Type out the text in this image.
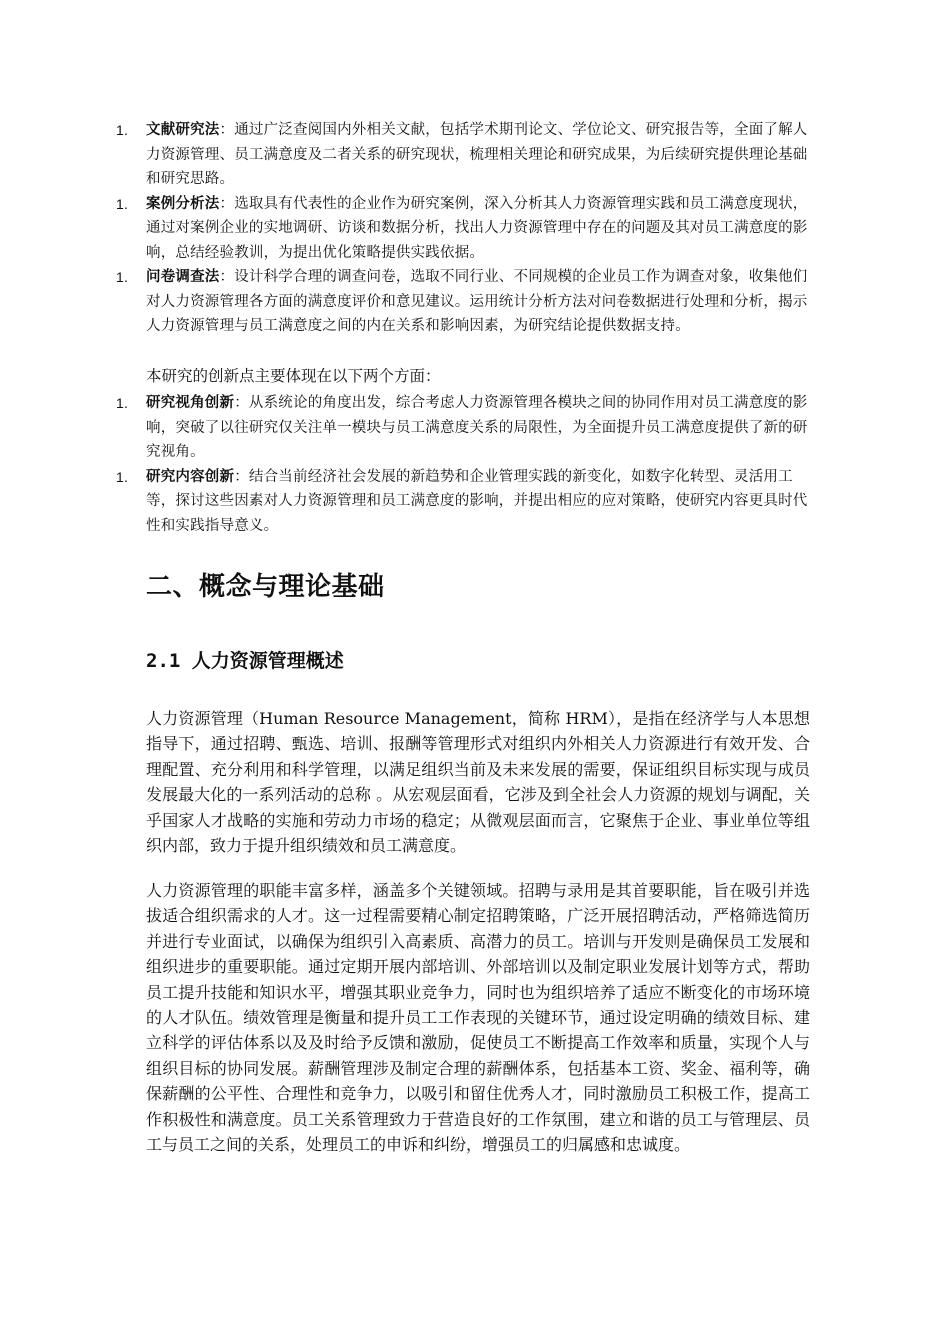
1. 文献研究法：通过广泛查阅国内外相关文献，包括学术期刊论文、学位论文、研究报告等，全面了解人力资源管理、员工满意度及二者关系的研究现状，梳理相关理论和研究成果，为后续研究提供理论基础和研究思路。
1. 案例分析法：选取具有代表性的企业作为研究案例，深入分析其人力资源管理实践和员工满意度现状，通过对案例企业的实地调研、访谈和数据分析，找出人力资源管理中存在的问题及其对员工满意度的影响，总结经验教训，为提出优化策略提供实践依据。
1. 问卷调查法：设计科学合理的调查问卷，选取不同行业、不同规模的企业员工作为调查对象，收集他们对人力资源管理各方面的满意度评价和意见建议。运用统计分析方法对问卷数据进行处理和分析，揭示人力资源管理与员工满意度之间的内在关系和影响因素，为研究结论提供数据支持。

本研究的创新点主要体现在以下两个方面：

1. 研究视角创新：从系统论的角度出发，综合考虑人力资源管理各模块之间的协同作用对员工满意度的影响，突破了以往研究仅关注单一模块与员工满意度关系的局限性，为全面提升员工满意度提供了新的研究视角。
1. 研究内容创新：结合当前经济社会发展的新趋势和企业管理实践的新变化，如数字化转型、灵活用工等，探讨这些因素对人力资源管理和员工满意度的影响，并提出相应的应对策略，使研究内容更具时代性和实践指导意义。
二、概念与理论基础
2.1 人力资源管理概述

人力资源管理（Human Resource Management，简称 HRM），是指在经济学与人本思想指导下，通过招聘、甄选、培训、报酬等管理形式对组织内外相关人力资源进行有效开发、合理配置、充分利用和科学管理，以满足组织当前及未来发展的需要，保证组织目标实现与成员发展最大化的一系列活动的总称 。从宏观层面看，它涉及到全社会人力资源的规划与调配，关乎国家人才战略的实施和劳动力市场的稳定；从微观层面而言，它聚焦于企业、事业单位等组织内部，致力于提升组织绩效和员工满意度。

人力资源管理的职能丰富多样，涵盖多个关键领域。招聘与录用是其首要职能，旨在吸引并选拔适合组织需求的人才。这一过程需要精心制定招聘策略，广泛开展招聘活动，严格筛选简历并进行专业面试，以确保为组织引入高素质、高潜力的员工。培训与开发则是确保员工发展和组织进步的重要职能。通过定期开展内部培训、外部培训以及制定职业发展计划等方式，帮助员工提升技能和知识水平，增强其职业竞争力，同时也为组织培养了适应不断变化的市场环境的人才队伍。绩效管理是衡量和提升员工工作表现的关键环节，通过设定明确的绩效目标、建立科学的评估体系以及及时给予反馈和激励，促使员工不断提高工作效率和质量，实现个人与组织目标的协同发展。薪酬管理涉及制定合理的薪酬体系，包括基本工资、奖金、福利等，确保薪酬的公平性、合理性和竞争力，以吸引和留住优秀人才，同时激励员工积极工作，提高工作积极性和满意度。员工关系管理致力于营造良好的工作氛围，建立和谐的员工与管理层、员工与员工之间的关系，处理员工的申诉和纠纷，增强员工的归属感和忠诚度。
